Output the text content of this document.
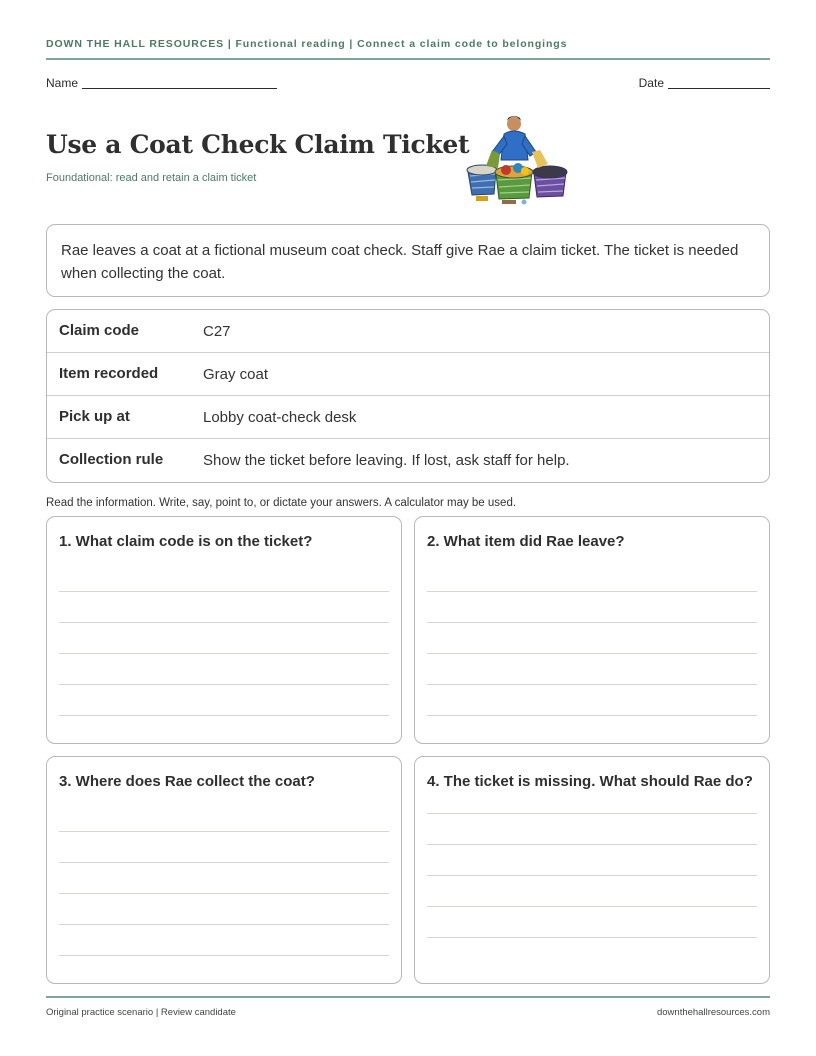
DOWN THE HALL RESOURCES | Functional reading | Connect a claim code to belongings
Name	Date
Use a Coat Check Claim Ticket
Foundational: read and retain a claim ticket
Rae leaves a coat at a fictional museum coat check. Staff give Rae a claim ticket. The ticket is needed when collecting the coat.
Claim code	C27
Item recorded	Gray coat
Pick up at	Lobby coat-check desk
Collection rule	Show the ticket before leaving. If lost, ask staff for help.
Read the information. Write, say, point to, or dictate your answers. A calculator may be used.
1. What claim code is on the ticket?	2. What item did Rae leave?
3. Where does Rae collect the coat?	4. The ticket is missing. What should Rae do?
Original practice scenario | Review candidate	downthehallresources.com
